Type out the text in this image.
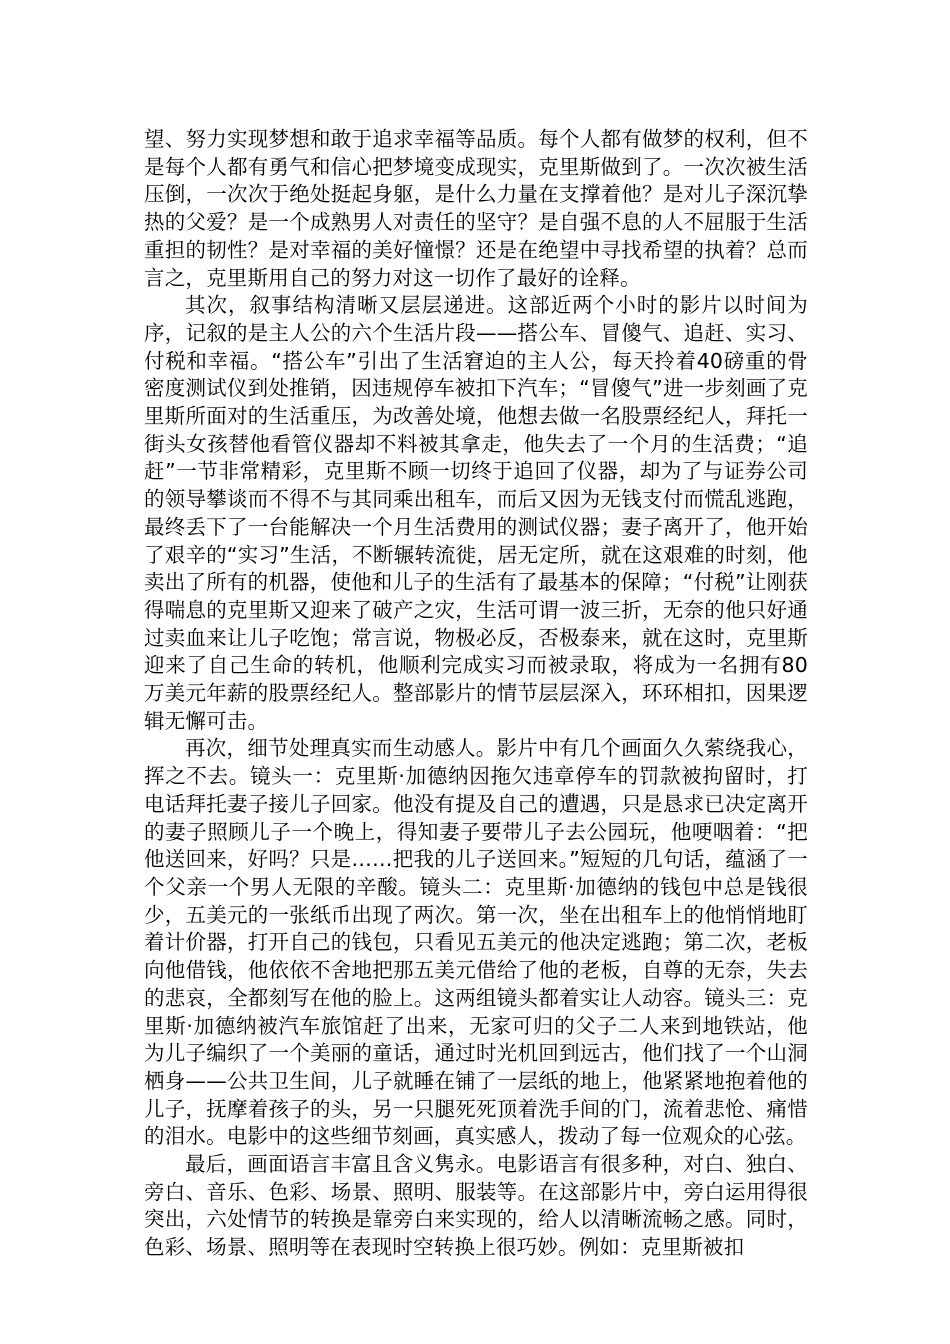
望、努力实现梦想和敢于追求幸福等品质。每个人都有做梦的权利，但不是每个人都有勇气和信心把梦境变成现实，克里斯做到了。一次次被生活压倒，一次次于绝处挺起身躯，是什么力量在支撑着他？是对儿子深沉挚热的父爱？是一个成熟男人对责任的坚守？是自强不息的人不屈服于生活重担的韧性？是对幸福的美好憧憬？还是在绝望中寻找希望的执着？总而言之，克里斯用自己的努力对这一切作了最好的诠释。

其次，叙事结构清晰又层层递进。这部近两个小时的影片以时间为序，记叙的是主人公的六个生活片段——搭公车、冒傻气、追赶、实习、付税和幸福。“搭公车”引出了生活窘迫的主人公，每天拎着40磅重的骨密度测试仪到处推销，因违规停车被扣下汽车；“冒傻气”进一步刻画了克里斯所面对的生活重压，为改善处境，他想去做一名股票经纪人，拜托一街头女孩替他看管仪器却不料被其拿走，他失去了一个月的生活费；“追赶”一节非常精彩，克里斯不顾一切终于追回了仪器，却为了与证券公司的领导攀谈而不得不与其同乘出租车，而后又因为无钱支付而慌乱逃跑，最终丢下了一台能解决一个月生活费用的测试仪器；妻子离开了，他开始了艰辛的“实习”生活，不断辗转流徙，居无定所，就在这艰难的时刻，他卖出了所有的机器，使他和儿子的生活有了最基本的保障；“付税”让刚获得喘息的克里斯又迎来了破产之灾，生活可谓一波三折，无奈的他只好通过卖血来让儿子吃饱；常言说，物极必反，否极泰来，就在这时，克里斯迎来了自己生命的转机，他顺利完成实习而被录取，将成为一名拥有80万美元年薪的股票经纪人。整部影片的情节层层深入，环环相扣，因果逻辑无懈可击。

再次，细节处理真实而生动感人。影片中有几个画面久久萦绕我心，挥之不去。镜头一：克里斯·加德纳因拖欠违章停车的罚款被拘留时，打电话拜托妻子接儿子回家。他没有提及自己的遭遇，只是恳求已决定离开的妻子照顾儿子一个晚上，得知妻子要带儿子去公园玩，他哽咽着：“把他送回来，好吗？只是……把我的儿子送回来。”短短的几句话，蕴涵了一个父亲一个男人无限的辛酸。镜头二：克里斯·加德纳的钱包中总是钱很少，五美元的一张纸币出现了两次。第一次，坐在出租车上的他悄悄地盯着计价器，打开自己的钱包，只看见五美元的他决定逃跑；第二次，老板向他借钱，他依依不舍地把那五美元借给了他的老板，自尊的无奈，失去的悲哀，全都刻写在他的脸上。这两组镜头都着实让人动容。镜头三：克里斯·加德纳被汽车旅馆赶了出来，无家可归的父子二人来到地铁站，他为儿子编织了一个美丽的童话，通过时光机回到远古，他们找了一个山洞栖身——公共卫生间，儿子就睡在铺了一层纸的地上，他紧紧地抱着他的儿子，抚摩着孩子的头，另一只腿死死顶着洗手间的门，流着悲怆、痛惜的泪水。电影中的这些细节刻画，真实感人，拨动了每一位观众的心弦。

最后，画面语言丰富且含义隽永。电影语言有很多种，对白、独白、旁白、音乐、色彩、场景、照明、服装等。在这部影片中，旁白运用得很突出，六处情节的转换是靠旁白来实现的，给人以清晰流畅之感。同时，色彩、场景、照明等在表现时空转换上很巧妙。例如：克里斯被扣
